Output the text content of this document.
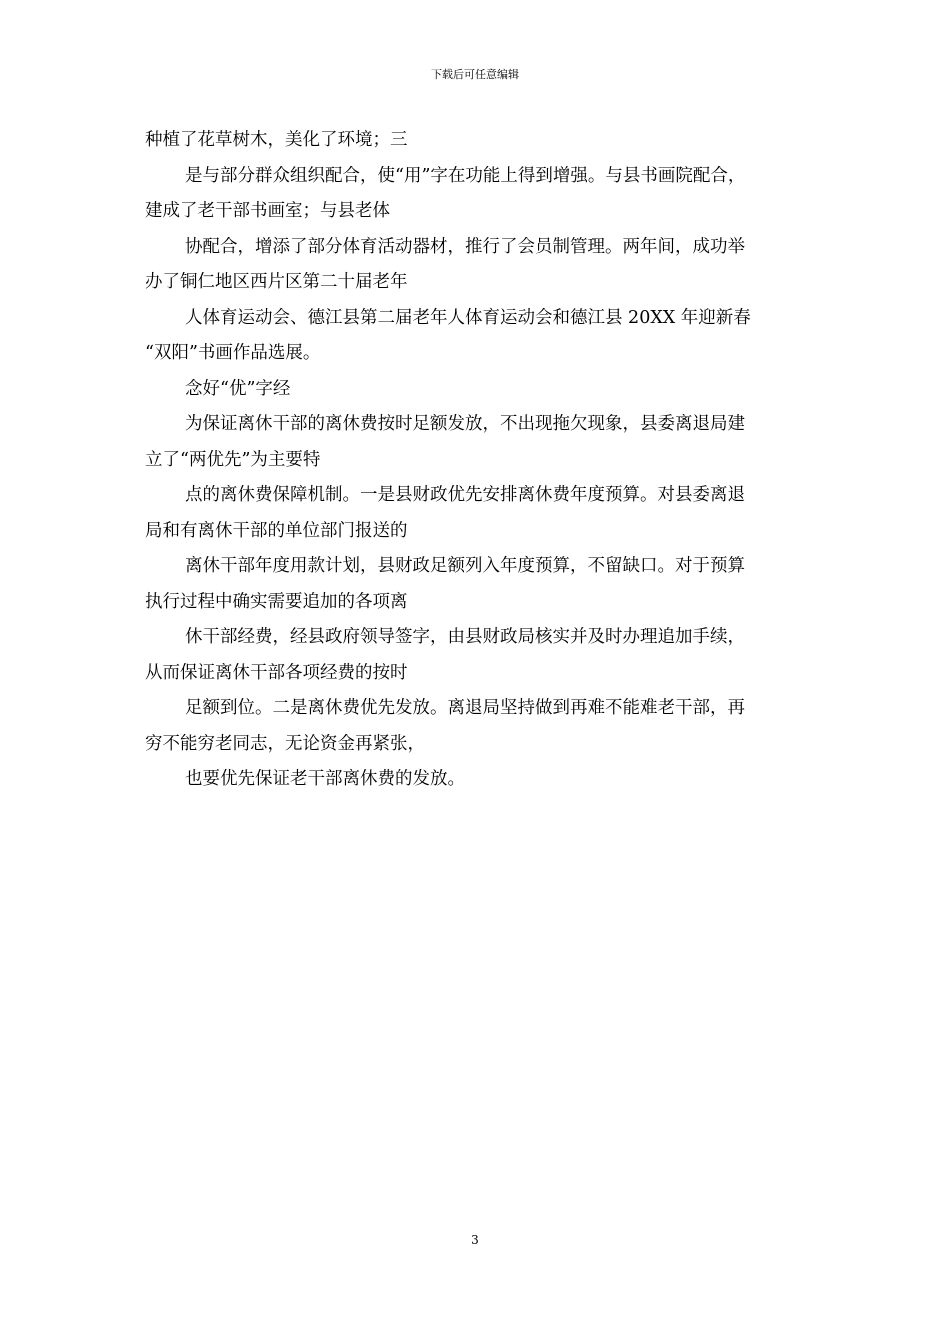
下载后可任意编辑

种植了花草树木，美化了环境；三

是与部分群众组织配合，使“用”字在功能上得到增强。与县书画院配合，
建成了老干部书画室；与县老体

协配合，增添了部分体育活动器材，推行了会员制管理。两年间，成功举
办了铜仁地区西片区第二十届老年

人体育运动会、德江县第二届老年人体育运动会和德江县 20XX 年迎新春
“双阳”书画作品选展。

念好“优”字经

为保证离休干部的离休费按时足额发放，不出现拖欠现象，县委离退局建
立了“两优先”为主要特

点的离休费保障机制。一是县财政优先安排离休费年度预算。对县委离退
局和有离休干部的单位部门报送的

离休干部年度用款计划，县财政足额列入年度预算，不留缺口。对于预算
执行过程中确实需要追加的各项离

休干部经费，经县政府领导签字，由县财政局核实并及时办理追加手续，
从而保证离休干部各项经费的按时

足额到位。二是离休费优先发放。离退局坚持做到再难不能难老干部，再
穷不能穷老同志，无论资金再紧张，

也要优先保证老干部离休费的发放。

3
